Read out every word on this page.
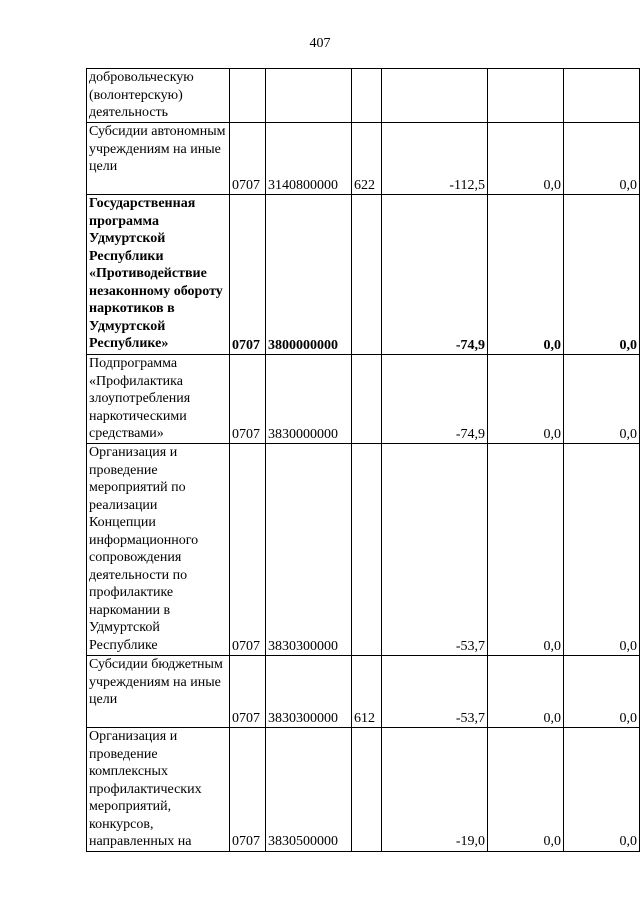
407
добровольческую (волонтерскую) деятельность						

Субсидии автономным учреждениям на иные цели	0707	3140800000	622	-112,5	0,0	0,0

Государственная программа Удмуртской Республики «Противодействие незаконному обороту наркотиков в Удмуртской Республике»	0707	3800000000		-74,9	0,0	0,0

Подпрограмма «Профилактика злоупотребления наркотическими средствами»	0707	3830000000		-74,9	0,0	0,0

Организация и проведение мероприятий по реализации Концепции информационного сопровождения деятельности по профилактике наркомании в Удмуртской Республике	0707	3830300000		-53,7	0,0	0,0

Субсидии бюджетным учреждениям на иные цели	0707	3830300000	612	-53,7	0,0	0,0

Организация и проведение комплексных профилактических мероприятий, конкурсов, направленных на	0707	3830500000		-19,0	0,0	0,0
